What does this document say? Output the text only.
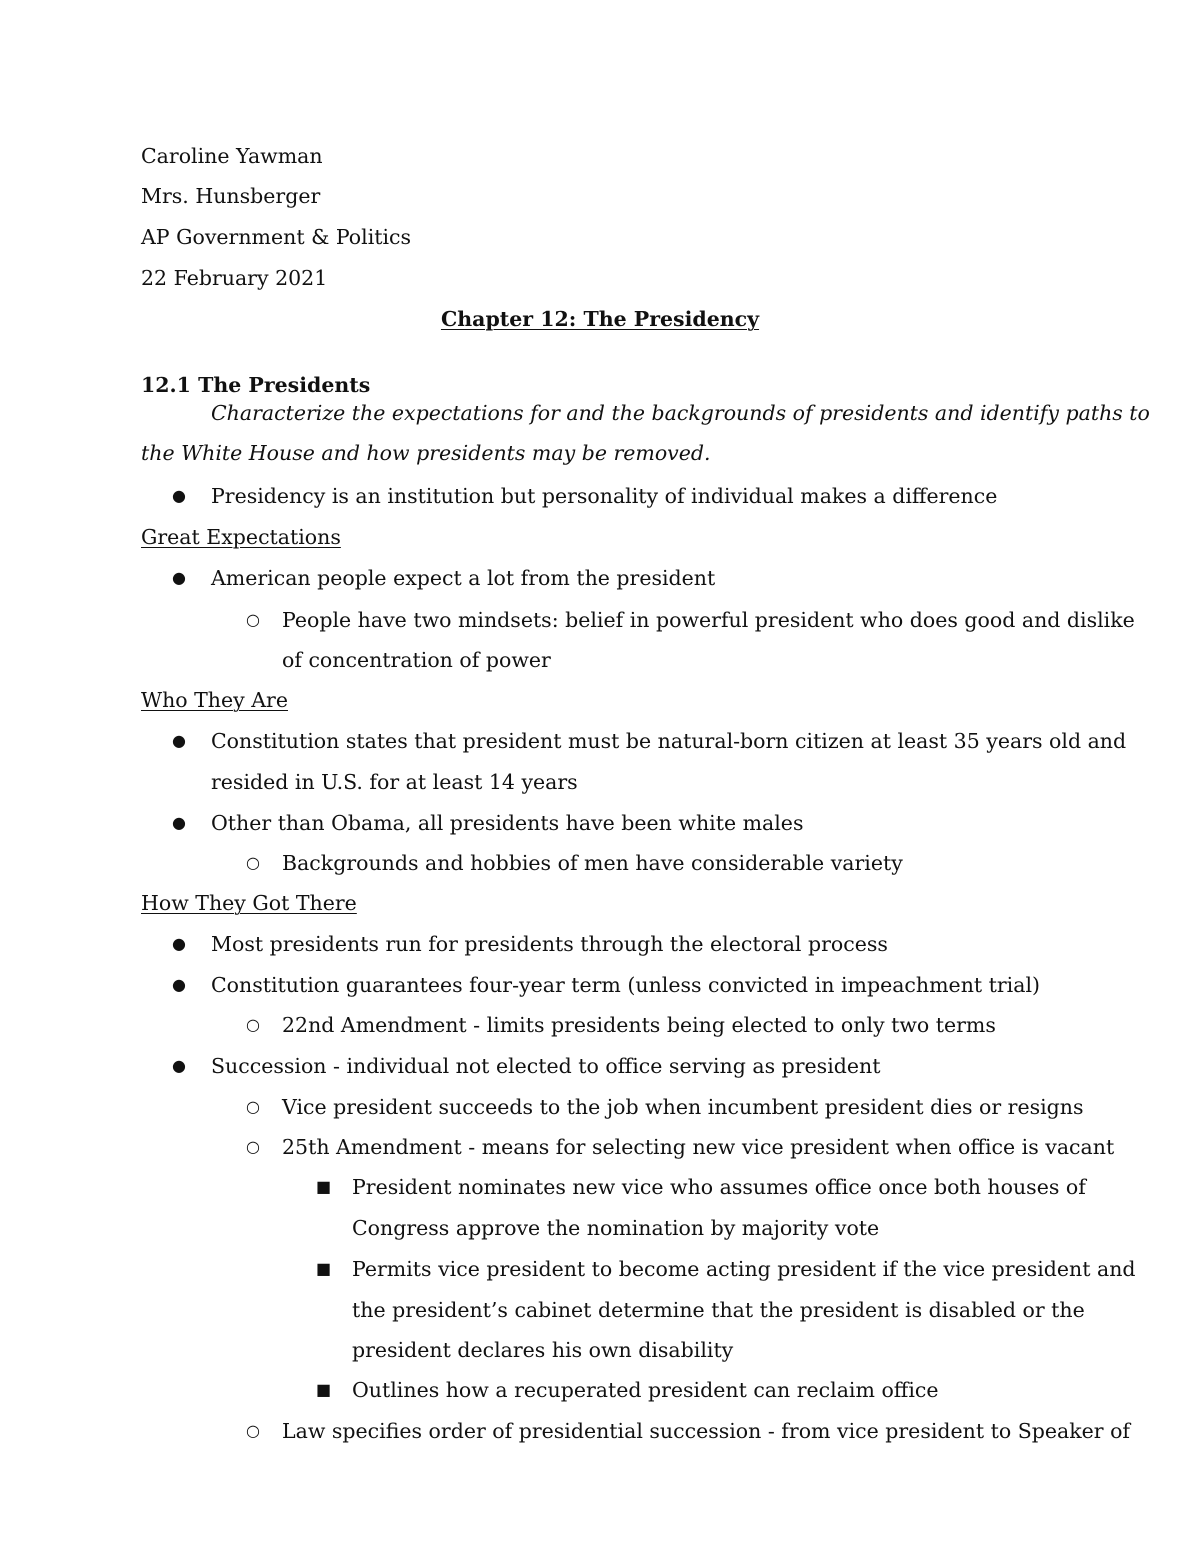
Caroline Yawman
Mrs. Hunsberger
AP Government & Politics
22 February 2021
Chapter 12: The Presidency
12.1 The Presidents
Characterize the expectations for and the backgrounds of presidents and identify paths to
the White House and how presidents may be removed.
● Presidency is an institution but personality of individual makes a difference
Great Expectations
● American people expect a lot from the president
○ People have two mindsets: belief in powerful president who does good and dislike
of concentration of power
Who They Are
● Constitution states that president must be natural-born citizen at least 35 years old and
resided in U.S. for at least 14 years
● Other than Obama, all presidents have been white males
○ Backgrounds and hobbies of men have considerable variety
How They Got There
● Most presidents run for presidents through the electoral process
● Constitution guarantees four-year term (unless convicted in impeachment trial)
○ 22nd Amendment - limits presidents being elected to only two terms
● Succession - individual not elected to office serving as president
○ Vice president succeeds to the job when incumbent president dies or resigns
○ 25th Amendment - means for selecting new vice president when office is vacant
■ President nominates new vice who assumes office once both houses of
Congress approve the nomination by majority vote
■ Permits vice president to become acting president if the vice president and
the president’s cabinet determine that the president is disabled or the
president declares his own disability
■ Outlines how a recuperated president can reclaim office
○ Law specifies order of presidential succession - from vice president to Speaker of
